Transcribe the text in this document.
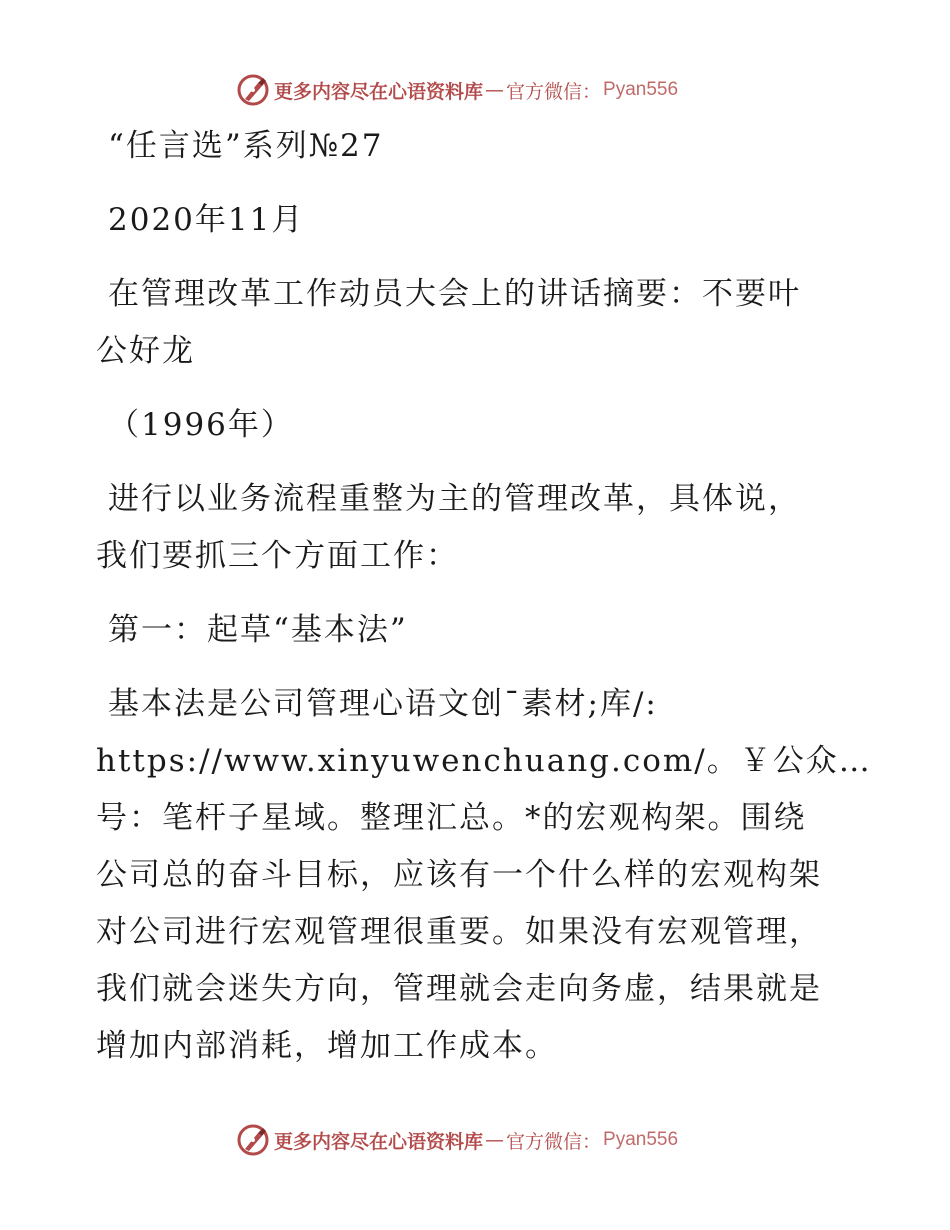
更多内容尽在心语资料库 — 官方微信： Pyan556
“任言选”系列№27
2020年11月
在管理改革工作动员大会上的讲话摘要：不要叶
公好龙
（1996年）
进行以业务流程重整为主的管理改革，具体说，
我们要抓三个方面工作：
第一：起草“基本法”
基本法是公司管理心语文创¯素材;库/:
https://www.xinyuwenchuang.com/。￥公众…
号：笔杆子星域。整理汇总。*的宏观构架。围绕
公司总的奋斗目标，应该有一个什么样的宏观构架
对公司进行宏观管理很重要。如果没有宏观管理，
我们就会迷失方向，管理就会走向务虚，结果就是
增加内部消耗，增加工作成本。
更多内容尽在心语资料库 — 官方微信： Pyan556
